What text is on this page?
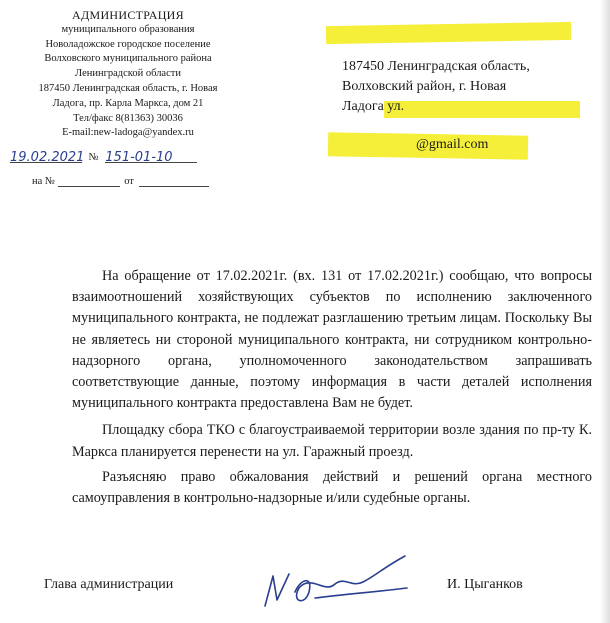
АДМИНИСТРАЦИЯ
муниципального образования
Новоладожское городское поселение
Волховского муниципального района
Ленинградской области
187450 Ленинградская область, г. Новая
Ладога, пр. Карла Маркса, дом 21
Тел/факс 8(81363) 30036
E-mail:new-ladoga@yandex.ru
19.02.2021 № 151-01-10
на №	от
187450 Ленинградская область,
Волховский район, г. Новая
Ладога ул.
@gmail.com

На обращение от 17.02.2021г. (вх. 131 от 17.02.2021г.) сообщаю, что вопросы взаимоотношений хозяйствующих субъектов по исполнению заключенного муниципального контракта, не подлежат разглашению третьим лицам. Поскольку Вы не являетесь ни стороной муниципального контракта, ни сотрудником контрольно-надзорного органа, уполномоченного законодательством запрашивать соответствующие данные, поэтому информация в части деталей исполнения муниципального контракта предоставлена Вам не будет.

Площадку сбора ТКО с благоустраиваемой территории возле здания по пр-ту К. Маркса планируется перенести на ул. Гаражный проезд.

Разъясняю право обжалования действий и решений органа местного самоуправления в контрольно-надзорные и/или судебные органы.

Глава администрации	И. Цыганков
